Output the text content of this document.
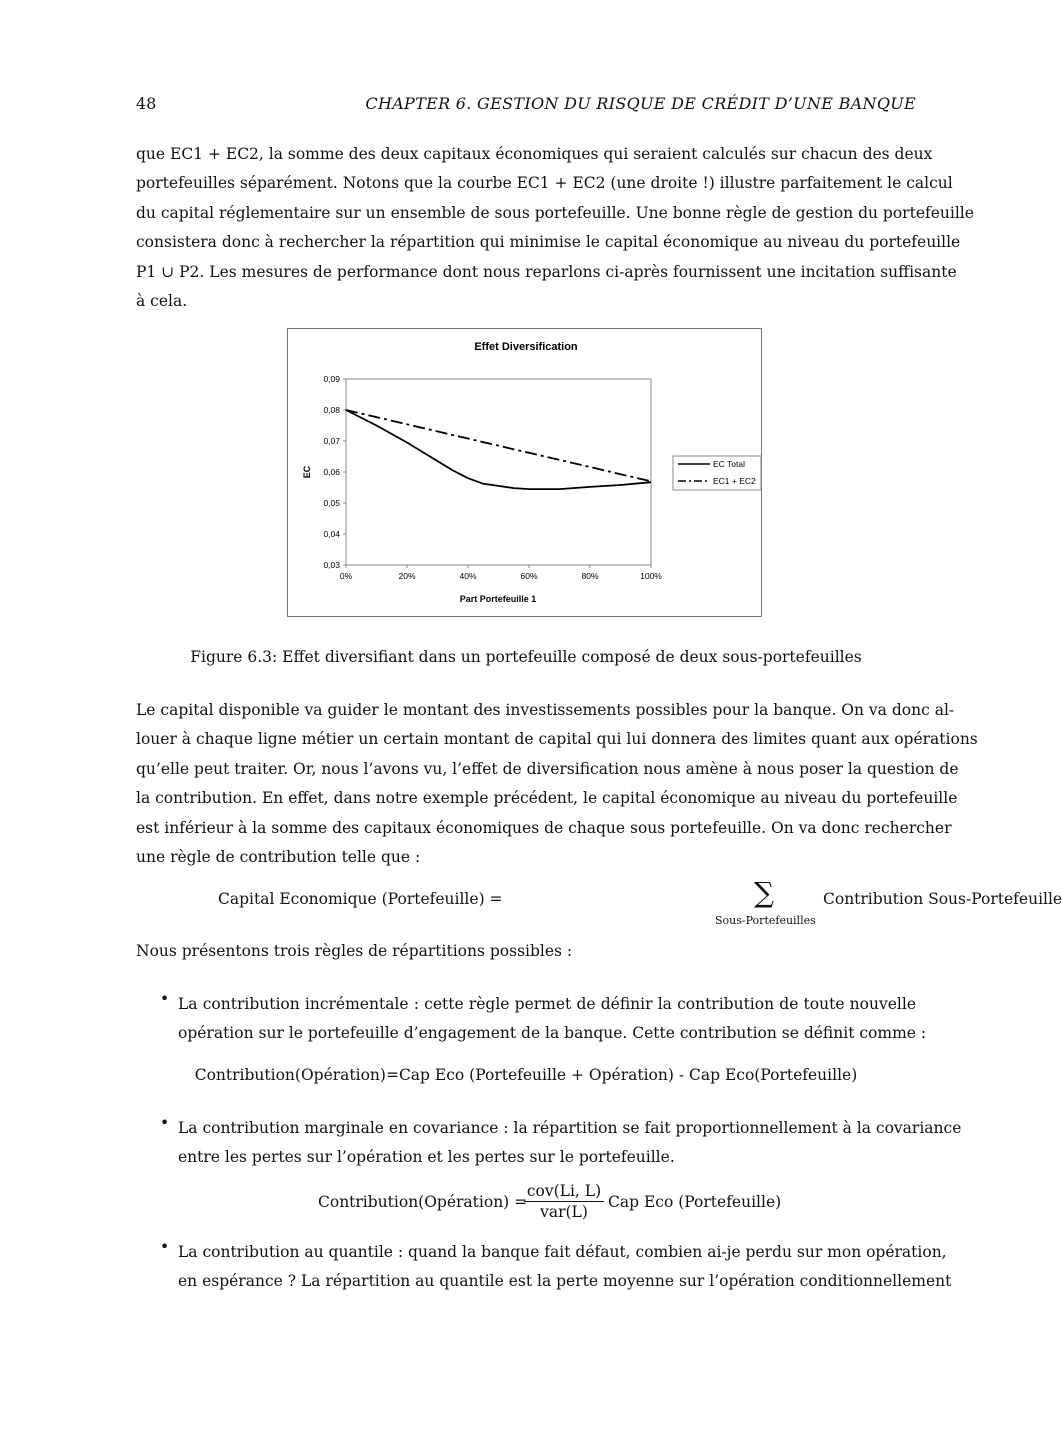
48	CHAPTER 6. GESTION DU RISQUE DE CRÉDIT D’UNE BANQUE

que EC1 + EC2, la somme des deux capitaux économiques qui seraient calculés sur chacun des deux
portefeuilles séparément. Notons que la courbe EC1 + EC2 (une droite !) illustre parfaitement le calcul
du capital réglementaire sur un ensemble de sous portefeuille. Une bonne règle de gestion du portefeuille
consistera donc à rechercher la répartition qui minimise le capital économique au niveau du portefeuille
P1 ∪ P2. Les mesures de performance dont nous reparlons ci-après fournissent une incitation suffisante
à cela.

Effet Diversification
0,03
0,04
0,05
0,06
0,07
0,08
0,09
0%	20%	40%	60%	80%	100%
EC
Part Portefeuille 1
EC Total
EC1 + EC2
Figure 6.3: Effet diversifiant dans un portefeuille composé de deux sous-portefeuilles

Le capital disponible va guider le montant des investissements possibles pour la banque. On va donc al-
louer à chaque ligne métier un certain montant de capital qui lui donnera des limites quant aux opérations
qu’elle peut traiter. Or, nous l’avons vu, l’effet de diversification nous amène à nous poser la question de
la contribution. En effet, dans notre exemple précédent, le capital économique au niveau du portefeuille
est inférieur à la somme des capitaux économiques de chaque sous portefeuille. On va donc rechercher
une règle de contribution telle que :

Capital Economique (Portefeuille) =	∑
Sous-Portefeuilles
Contribution Sous-Portefeuille

Nous présentons trois règles de répartitions possibles :

• La contribution incrémentale : cette règle permet de définir la contribution de toute nouvelle
opération sur le portefeuille d’engagement de la banque. Cette contribution se définit comme :

Contribution(Opération)=Cap Eco (Portefeuille + Opération) - Cap Eco(Portefeuille)
• La contribution marginale en covariance : la répartition se fait proportionnellement à la covariance
entre les pertes sur l’opération et les pertes sur le portefeuille.

Contribution(Opération) =
cov(Li, L)
var(L)
Cap Eco (Portefeuille)
• La contribution au quantile : quand la banque fait défaut, combien ai-je perdu sur mon opération,
en espérance ? La répartition au quantile est la perte moyenne sur l’opération conditionnellement
